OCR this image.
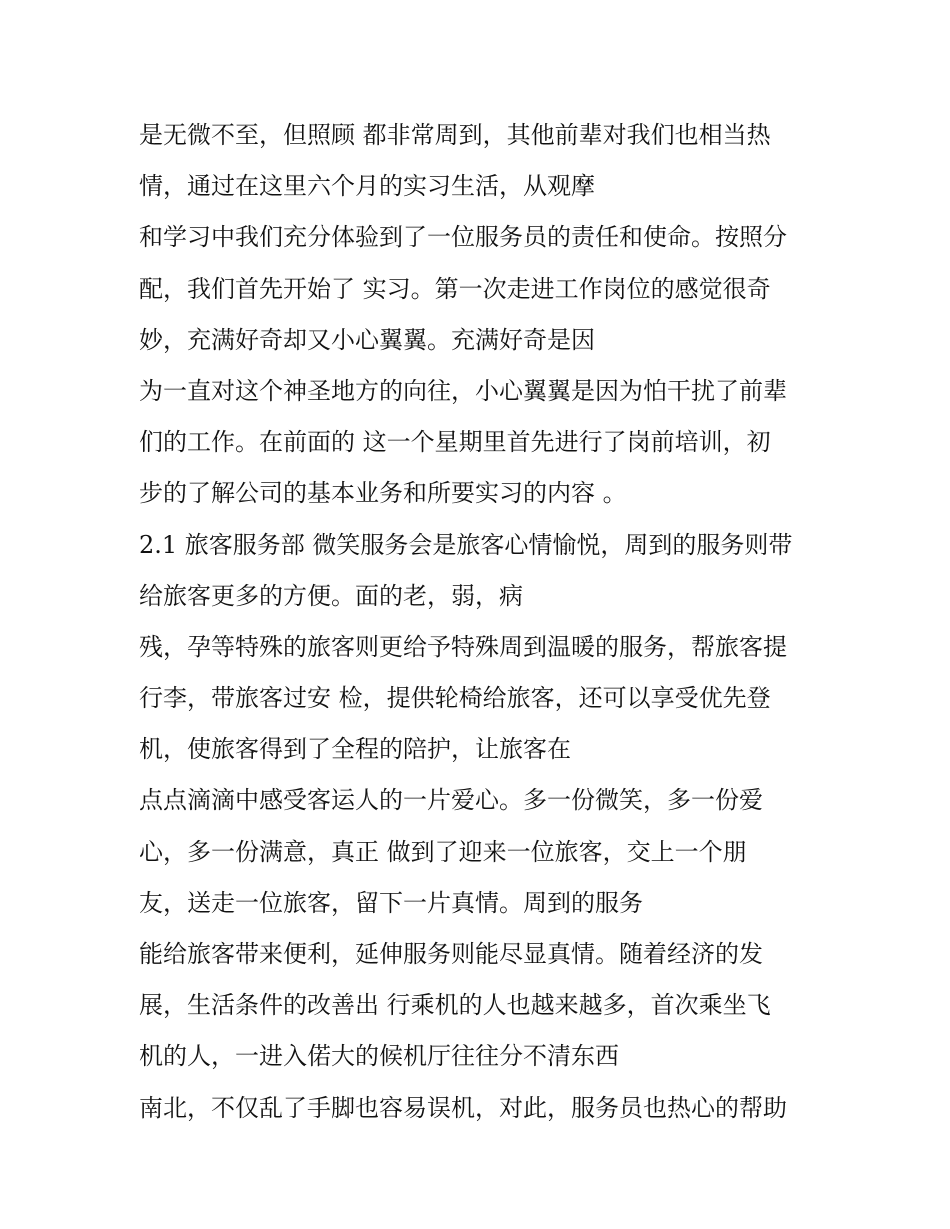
是无微不至，但照顾 都非常周到，其他前辈对我们也相当热
情，通过在这里六个月的实习生活，从观摩
和学习中我们充分体验到了一位服务员的责任和使命。按照分
配，我们首先开始了 实习。第一次走进工作岗位的感觉很奇
妙，充满好奇却又小心翼翼。充满好奇是因
为一直对这个神圣地方的向往，小心翼翼是因为怕干扰了前辈
们的工作。在前面的 这一个星期里首先进行了岗前培训，初
步的了解公司的基本业务和所要实习的内容 。
2.1 旅客服务部 微笑服务会是旅客心情愉悦，周到的服务则带
给旅客更多的方便。面的老，弱，病
残，孕等特殊的旅客则更给予特殊周到温暖的服务，帮旅客提
行李，带旅客过安 检，提供轮椅给旅客，还可以享受优先登
机，使旅客得到了全程的陪护，让旅客在
点点滴滴中感受客运人的一片爱心。多一份微笑，多一份爱
心，多一份满意，真正 做到了迎来一位旅客，交上一个朋
友，送走一位旅客，留下一片真情。周到的服务
能给旅客带来便利，延伸服务则能尽显真情。随着经济的发
展，生活条件的改善出 行乘机的人也越来越多，首次乘坐飞
机的人，一进入偌大的候机厅往往分不清东西
南北，不仅乱了手脚也容易误机，对此，服务员也热心的帮助
